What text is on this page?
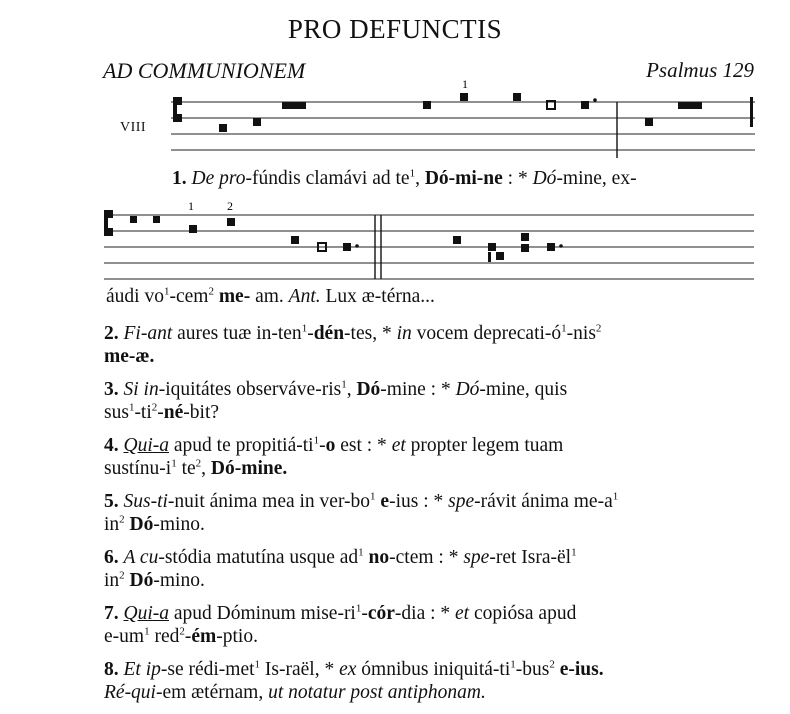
PRO DEFUNCTIS
AD COMMUNIONEM	Psalmus 129
VIII
1
1. De pro-fúndis clamávi ad $te^1$, Dó-mi-ne : * Dó-mine, ex-
1	2
áudi $vo^1-cem^2$ me- am. Ant. Lux æ-térna...
2. Fi-ant aures tuæ in-ten$^1$-dén-tes, * in vocem deprecati-$ó^1-nis^2$
me-æ.
3. Si in-iquitátes observáve-ris$^1$, Dó-mine : * Dó-mine, quis
$sus^1-ti^2-né$-bit?
4. Qui-a apud te propitiá-$ti^1-o$ est : * et propter legem tuam
sustínu-$i^1$ $te^2$, Dó-mine.
5. Sus-ti-nuit ánima mea in ver-$bo^1$ e-ius : * spe-rávit ánima $me-a^1$
$in^2$ Dó-mino.
6. A cu-stódia matutína usque $ad^1$ no-ctem : * spe-ret Isra-$ël^1$
$in^2$ Dó-mino.
7. Qui-a apud Dóminum mise-$ri^1-cór$-dia : * et copiósa apud
$e-um^1$ red$^2$-ém-ptio.
8. Et ip-se rédi-met$^1$ Is-raël, * ex ómnibus iniquitá-$ti^1-bus^2$ e-ius.
Ré-qui-em ætérnam, ut notatur post antiphonam.
